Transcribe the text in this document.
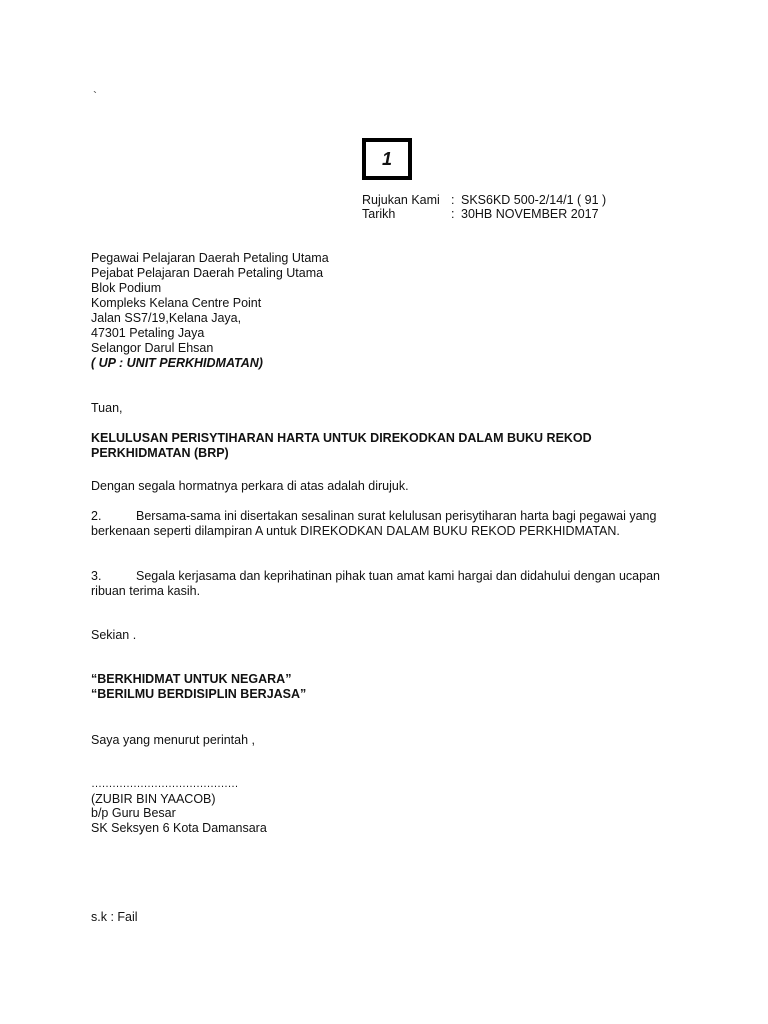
`
1
Rujukan Kami : SKS6KD 500-2/14/1 ( 91 )
Tarikh	: 30HB NOVEMBER 2017
Pegawai Pelajaran Daerah Petaling Utama
Pejabat Pelajaran Daerah Petaling Utama
Blok Podium
Kompleks Kelana Centre Point
Jalan SS7/19,Kelana Jaya,
47301 Petaling Jaya
Selangor Darul Ehsan
( UP : UNIT PERKHIDMATAN)
Tuan,
KELULUSAN PERISYTIHARAN HARTA UNTUK DIREKODKAN DALAM BUKU REKOD
PERKHIDMATAN (BRP)
Dengan segala hormatnya perkara di atas adalah dirujuk.
2.	Bersama-sama ini disertakan sesalinan surat kelulusan perisytiharan harta bagi pegawai yang
berkenaan seperti dilampiran A untuk DIREKODKAN DALAM BUKU REKOD PERKHIDMATAN.
3.	Segala kerjasama dan keprihatinan pihak tuan amat kami hargai dan didahului dengan ucapan
ribuan terima kasih.
Sekian .
“BERKHIDMAT UNTUK NEGARA”
“BERILMU BERDISIPLIN BERJASA”
Saya yang menurut perintah ,
……………………………………
(ZUBIR BIN YAACOB)
b/p Guru Besar
SK Seksyen 6 Kota Damansara
s.k : Fail
